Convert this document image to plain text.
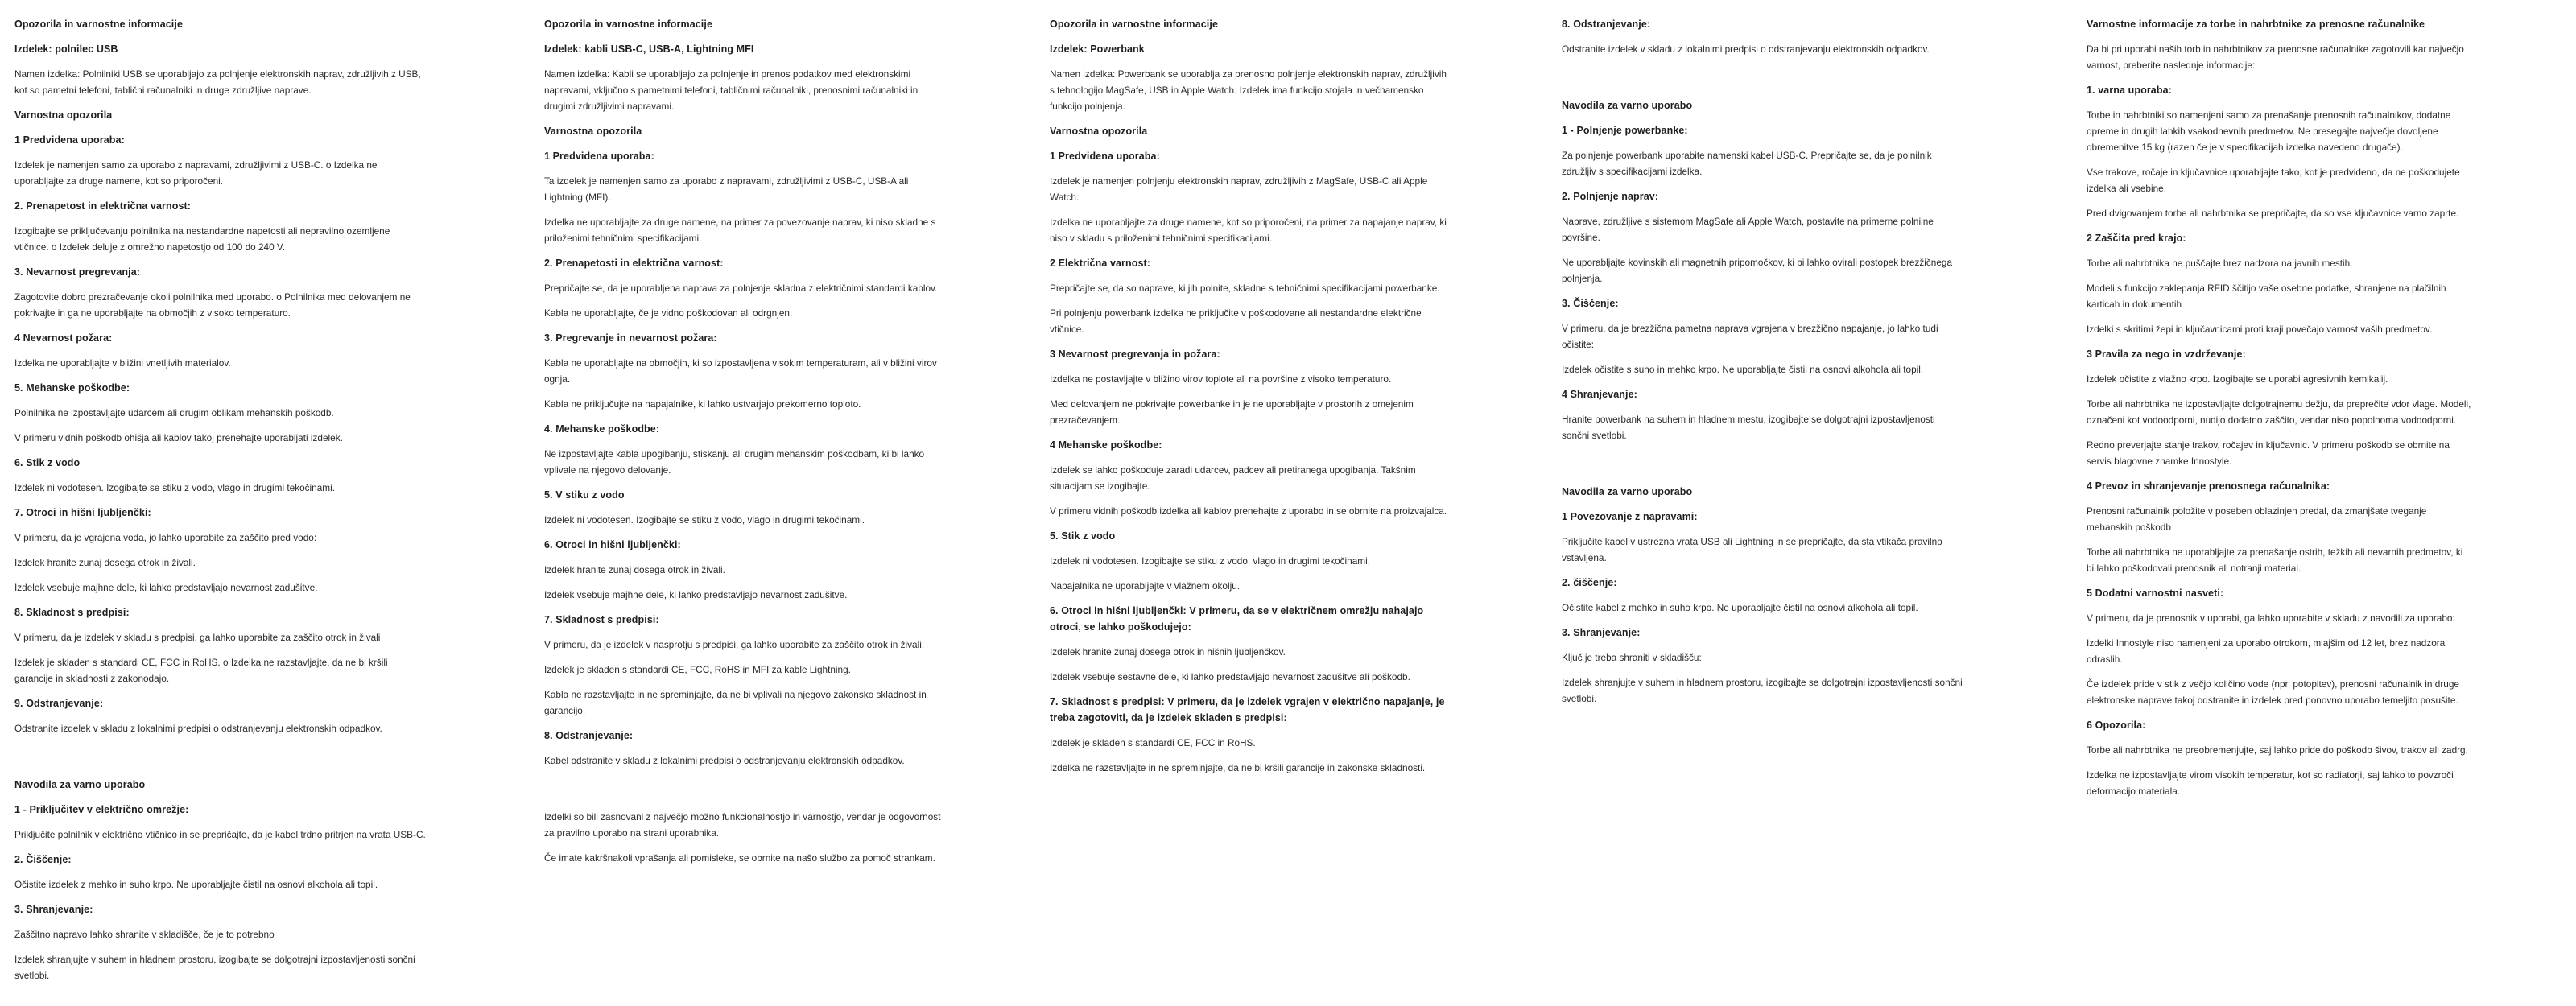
Opozorila in varnostne informacije
Izdelek: polnilec USB
Namen izdelka: Polnilniki USB se uporabljajo za polnjenje elektronskih naprav, združljivih z USB, kot so pametni telefoni, tablični računalniki in druge združljive naprave.
Varnostna opozorila
1 Predvidena uporaba:
Izdelek je namenjen samo za uporabo z napravami, združljivimi z USB-C. o Izdelka ne uporabljajte za druge namene, kot so priporočeni.
2. Prenapetost in električna varnost:
Izogibajte se priključevanju polnilnika na nestandardne napetosti ali nepravilno ozemljene vtičnice. o Izdelek deluje z omrežno napetostjo od 100 do 240 V.
3. Nevarnost pregrevanja:
Zagotovite dobro prezračevanje okoli polnilnika med uporabo. o Polnilnika med delovanjem ne pokrivajte in ga ne uporabljajte na območjih z visoko temperaturo.
4 Nevarnost požara:
Izdelka ne uporabljajte v bližini vnetljivih materialov.
5. Mehanske poškodbe:
Polnilnika ne izpostavljajte udarcem ali drugim oblikam mehanskih poškodb.
V primeru vidnih poškodb ohišja ali kablov takoj prenehajte uporabljati izdelek.
6. Stik z vodo
Izdelek ni vodotesen. Izogibajte se stiku z vodo, vlago in drugimi tekočinami.
7. Otroci in hišni ljubljenčki:
V primeru, da je vgrajena voda, jo lahko uporabite za zaščito pred vodo:
Izdelek hranite zunaj dosega otrok in živali.
Izdelek vsebuje majhne dele, ki lahko predstavljajo nevarnost zadušitve.
8. Skladnost s predpisi:
V primeru, da je izdelek v skladu s predpisi, ga lahko uporabite za zaščito otrok in živali
Izdelek je skladen s standardi CE, FCC in RoHS. o Izdelka ne razstavljajte, da ne bi kršili garancije in skladnosti z zakonodajo.
9. Odstranjevanje:
Odstranite izdelek v skladu z lokalnimi predpisi o odstranjevanju elektronskih odpadkov.
Navodila za varno uporabo
1 - Priključitev v električno omrežje:
Priključite polnilnik v električno vtičnico in se prepričajte, da je kabel trdno pritrjen na vrata USB-C.
2. Čiščenje:
Očistite izdelek z mehko in suho krpo. Ne uporabljajte čistil na osnovi alkohola ali topil.
3. Shranjevanje:
Zaščitno napravo lahko shranite v skladišče, če je to potrebno
Izdelek shranjujte v suhem in hladnem prostoru, izogibajte se dolgotrajni izpostavljenosti sončni svetlobi.
Opozorila in varnostne informacije
Izdelek: kabli USB-C, USB-A, Lightning MFI
Namen izdelka: Kabli se uporabljajo za polnjenje in prenos podatkov med elektronskimi napravami, vključno s pametnimi telefoni, tabličnimi računalniki, prenosnimi računalniki in drugimi združljivimi napravami.
Varnostna opozorila
1 Predvidena uporaba:
Ta izdelek je namenjen samo za uporabo z napravami, združljivimi z USB-C, USB-A ali Lightning (MFI).
Izdelka ne uporabljajte za druge namene, na primer za povezovanje naprav, ki niso skladne s priloženimi tehničnimi specifikacijami.
2. Prenapetosti in električna varnost:
Prepričajte se, da je uporabljena naprava za polnjenje skladna z električnimi standardi kablov.
Kabla ne uporabljajte, če je vidno poškodovan ali odrgnjen.
3. Pregrevanje in nevarnost požara:
Kabla ne uporabljajte na območjih, ki so izpostavljena visokim temperaturam, ali v bližini virov ognja.
Kabla ne priključujte na napajalnike, ki lahko ustvarjajo prekomerno toploto.
4. Mehanske poškodbe:
Ne izpostavljajte kabla upogibanju, stiskanju ali drugim mehanskim poškodbam, ki bi lahko vplivale na njegovo delovanje.
5. V stiku z vodo
Izdelek ni vodotesen. Izogibajte se stiku z vodo, vlago in drugimi tekočinami.
6. Otroci in hišni ljubljenčki:
Izdelek hranite zunaj dosega otrok in živali.
Izdelek vsebuje majhne dele, ki lahko predstavljajo nevarnost zadušitve.
7. Skladnost s predpisi:
V primeru, da je izdelek v nasprotju s predpisi, ga lahko uporabite za zaščito otrok in živali:
Izdelek je skladen s standardi CE, FCC, RoHS in MFI za kable Lightning.
Kabla ne razstavljajte in ne spreminjajte, da ne bi vplivali na njegovo zakonsko skladnost in garancijo.
8. Odstranjevanje:
Kabel odstranite v skladu z lokalnimi predpisi o odstranjevanju elektronskih odpadkov.
Izdelki so bili zasnovani z največjo možno funkcionalnostjo in varnostjo, vendar je odgovornost za pravilno uporabo na strani uporabnika.
Če imate kakršnakoli vprašanja ali pomisleke, se obrnite na našo službo za pomoč strankam.
Opozorila in varnostne informacije
Izdelek: Powerbank
Namen izdelka: Powerbank se uporablja za prenosno polnjenje elektronskih naprav, združljivih s tehnologijo MagSafe, USB in Apple Watch. Izdelek ima funkcijo stojala in večnamensko funkcijo polnjenja.
Varnostna opozorila
1 Predvidena uporaba:
Izdelek je namenjen polnjenju elektronskih naprav, združljivih z MagSafe, USB-C ali Apple Watch.
Izdelka ne uporabljajte za druge namene, kot so priporočeni, na primer za napajanje naprav, ki niso v skladu s priloženimi tehničnimi specifikacijami.
2 Električna varnost:
Prepričajte se, da so naprave, ki jih polnite, skladne s tehničnimi specifikacijami powerbanke.
Pri polnjenju powerbank izdelka ne priključite v poškodovane ali nestandardne električne vtičnice.
3 Nevarnost pregrevanja in požara:
Izdelka ne postavljajte v bližino virov toplote ali na površine z visoko temperaturo.
Med delovanjem ne pokrivajte powerbanke in je ne uporabljajte v prostorih z omejenim prezračevanjem.
4 Mehanske poškodbe:
Izdelek se lahko poškoduje zaradi udarcev, padcev ali pretiranega upogibanja. Takšnim situacijam se izogibajte.
V primeru vidnih poškodb izdelka ali kablov prenehajte z uporabo in se obrnite na proizvajalca.
5. Stik z vodo
Izdelek ni vodotesen. Izogibajte se stiku z vodo, vlago in drugimi tekočinami.
Napajalnika ne uporabljajte v vlažnem okolju.
6. Otroci in hišni ljubljenčki: V primeru, da se v električnem omrežju nahajajo otroci, se lahko poškodujejo:
Izdelek hranite zunaj dosega otrok in hišnih ljubljenčkov.
Izdelek vsebuje sestavne dele, ki lahko predstavljajo nevarnost zadušitve ali poškodb.
7. Skladnost s predpisi: V primeru, da je izdelek vgrajen v električno napajanje, je treba zagotoviti, da je izdelek skladen s predpisi:
Izdelek je skladen s standardi CE, FCC in RoHS.
Izdelka ne razstavljajte in ne spreminjajte, da ne bi kršili garancije in zakonske skladnosti.
8. Odstranjevanje:
Odstranite izdelek v skladu z lokalnimi predpisi o odstranjevanju elektronskih odpadkov.
Navodila za varno uporabo
1 - Polnjenje powerbanke:
Za polnjenje powerbank uporabite namenski kabel USB-C. Prepričajte se, da je polnilnik združljiv s specifikacijami izdelka.
2. Polnjenje naprav:
Naprave, združljive s sistemom MagSafe ali Apple Watch, postavite na primerne polnilne površine.
Ne uporabljajte kovinskih ali magnetnih pripomočkov, ki bi lahko ovirali postopek brezžičnega polnjenja.
3. Čiščenje:
V primeru, da je brezžična pametna naprava vgrajena v brezžično napajanje, jo lahko tudi očistite:
Izdelek očistite s suho in mehko krpo. Ne uporabljajte čistil na osnovi alkohola ali topil.
4 Shranjevanje:
Hranite powerbank na suhem in hladnem mestu, izogibajte se dolgotrajni izpostavljenosti sončni svetlobi.
Navodila za varno uporabo
1 Povezovanje z napravami:
Priključite kabel v ustrezna vrata USB ali Lightning in se prepričajte, da sta vtikača pravilno vstavljena.
2. čiščenje:
Očistite kabel z mehko in suho krpo. Ne uporabljajte čistil na osnovi alkohola ali topil.
3. Shranjevanje:
Ključ je treba shraniti v skladišču:
Izdelek shranjujte v suhem in hladnem prostoru, izogibajte se dolgotrajni izpostavljenosti sončni svetlobi.
Varnostne informacije za torbe in nahrbtnike za prenosne računalnike
Da bi pri uporabi naših torb in nahrbtnikov za prenosne računalnike zagotovili kar največjo varnost, preberite naslednje informacije:
1. varna uporaba:
Torbe in nahrbtniki so namenjeni samo za prenašanje prenosnih računalnikov, dodatne opreme in drugih lahkih vsakodnevnih predmetov. Ne presegajte največje dovoljene obremenitve 15 kg (razen če je v specifikacijah izdelka navedeno drugače).
Vse trakove, ročaje in ključavnice uporabljajte tako, kot je predvideno, da ne poškodujete izdelka ali vsebine.
Pred dvigovanjem torbe ali nahrbtnika se prepričajte, da so vse ključavnice varno zaprte.
2 Zaščita pred krajo:
Torbe ali nahrbtnika ne puščajte brez nadzora na javnih mestih.
Modeli s funkcijo zaklepanja RFID ščitijo vaše osebne podatke, shranjene na plačilnih karticah in dokumentih
Izdelki s skritimi žepi in ključavnicami proti kraji povečajo varnost vaših predmetov.
3 Pravila za nego in vzdrževanje:
Izdelek očistite z vlažno krpo. Izogibajte se uporabi agresivnih kemikalij.
Torbe ali nahrbtnika ne izpostavljajte dolgotrajnemu dežju, da preprečite vdor vlage. Modeli, označeni kot vodoodporni, nudijo dodatno zaščito, vendar niso popolnoma vodoodporni.
Redno preverjajte stanje trakov, ročajev in ključavnic. V primeru poškodb se obrnite na servis blagovne znamke Innostyle.
4 Prevoz in shranjevanje prenosnega računalnika:
Prenosni računalnik položite v poseben oblazinjen predal, da zmanjšate tveganje mehanskih poškodb
Torbe ali nahrbtnika ne uporabljajte za prenašanje ostrih, težkih ali nevarnih predmetov, ki bi lahko poškodovali prenosnik ali notranji material.
5 Dodatni varnostni nasveti:
V primeru, da je prenosnik v uporabi, ga lahko uporabite v skladu z navodili za uporabo:
Izdelki Innostyle niso namenjeni za uporabo otrokom, mlajšim od 12 let, brez nadzora odraslih.
Če izdelek pride v stik z večjo količino vode (npr. potopitev), prenosni računalnik in druge elektronske naprave takoj odstranite in izdelek pred ponovno uporabo temeljito posušite.
6 Opozorila:
Torbe ali nahrbtnika ne preobremenjujte, saj lahko pride do poškodb šivov, trakov ali zadrg.
Izdelka ne izpostavljajte virom visokih temperatur, kot so radiatorji, saj lahko to povzroči deformacijo materiala.
